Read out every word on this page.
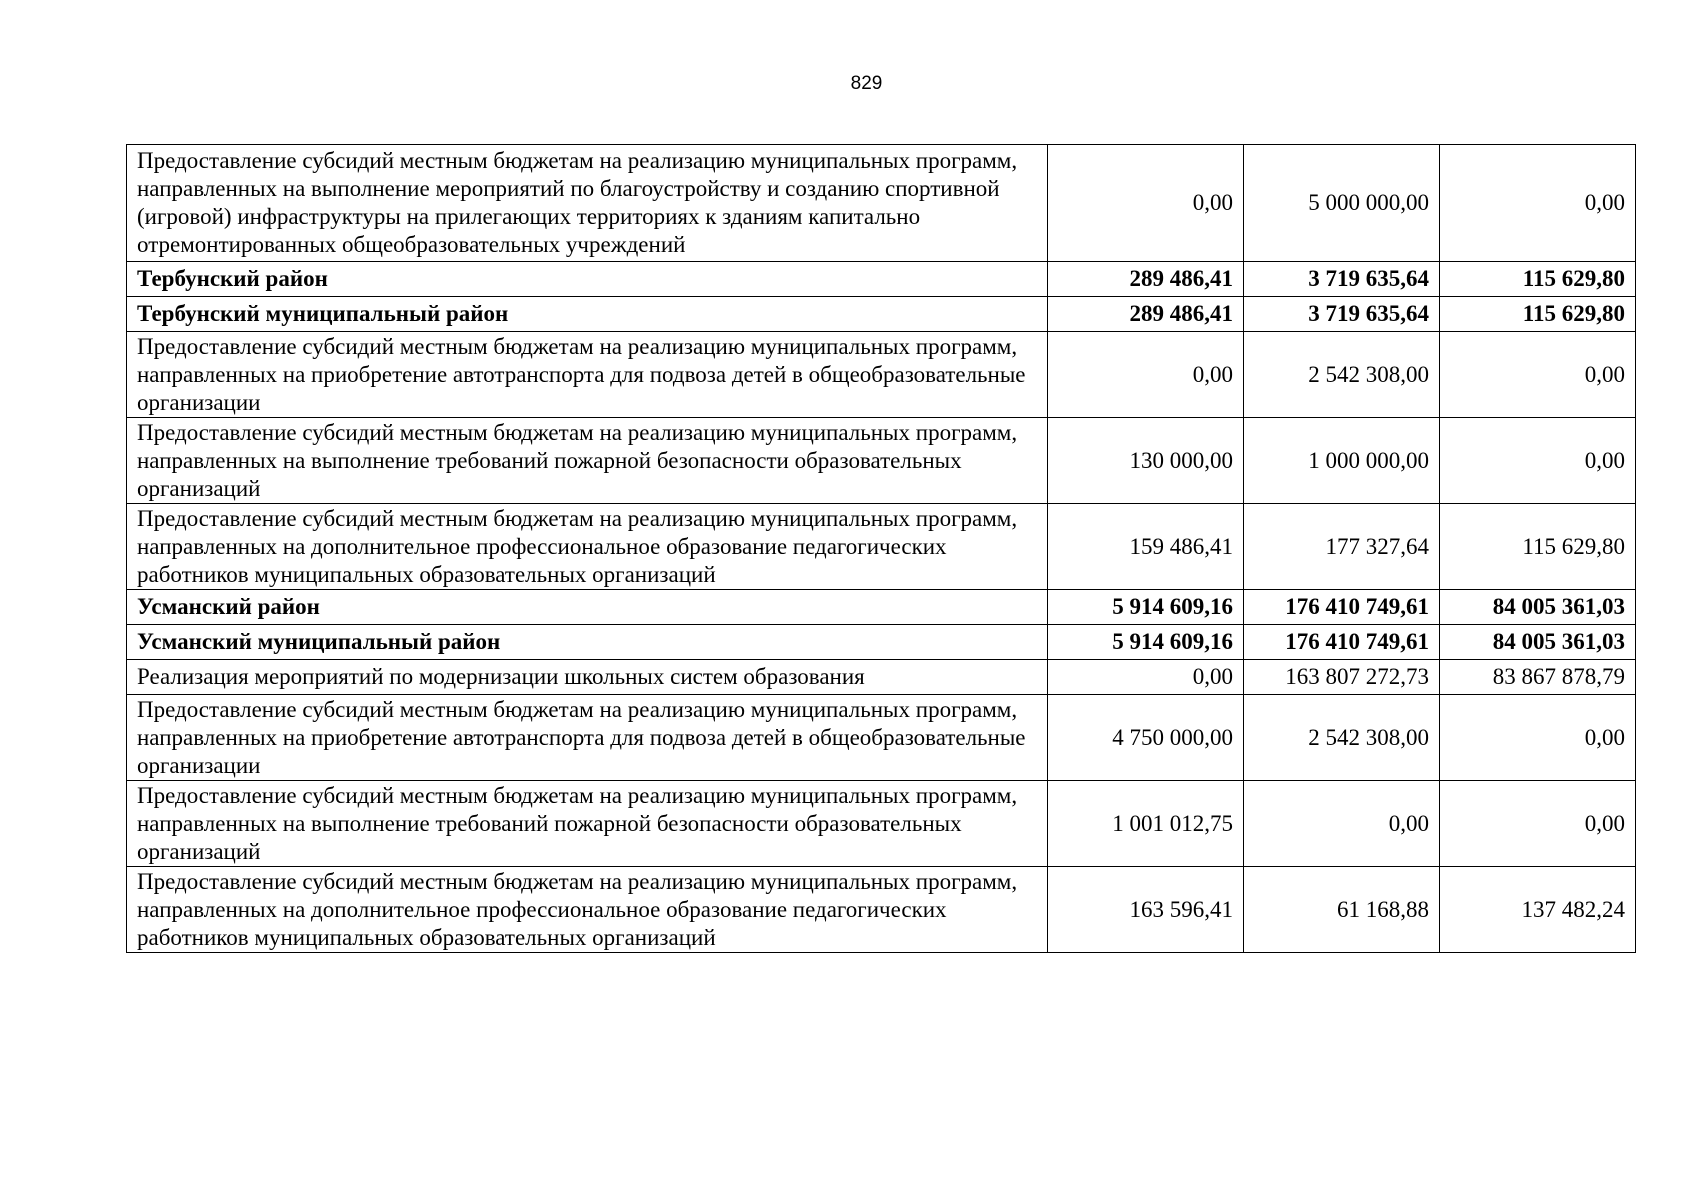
829
Предоставление субсидий местным бюджетам на реализацию муниципальных программ, направленных на выполнение мероприятий по благоустройству и созданию спортивной (игровой) инфраструктуры на прилегающих территориях к зданиям капитально отремонтированных общеобразовательных учреждений	0,00	5 000 000,00	0,00
Тербунский район	289 486,41	3 719 635,64	115 629,80
Тербунский муниципальный район	289 486,41	3 719 635,64	115 629,80
Предоставление субсидий местным бюджетам на реализацию муниципальных программ, направленных на приобретение автотранспорта для подвоза детей в общеобразовательные организации	0,00	2 542 308,00	0,00
Предоставление субсидий местным бюджетам на реализацию муниципальных программ, направленных на выполнение требований пожарной безопасности образовательных организаций	130 000,00	1 000 000,00	0,00
Предоставление субсидий местным бюджетам на реализацию муниципальных программ, направленных на дополнительное профессиональное образование педагогических работников муниципальных образовательных организаций	159 486,41	177 327,64	115 629,80
Усманский район	5 914 609,16	176 410 749,61	84 005 361,03
Усманский муниципальный район	5 914 609,16	176 410 749,61	84 005 361,03
Реализация мероприятий по модернизации школьных систем образования	0,00	163 807 272,73	83 867 878,79
Предоставление субсидий местным бюджетам на реализацию муниципальных программ, направленных на приобретение автотранспорта для подвоза детей в общеобразовательные организации	4 750 000,00	2 542 308,00	0,00
Предоставление субсидий местным бюджетам на реализацию муниципальных программ, направленных на выполнение требований пожарной безопасности образовательных организаций	1 001 012,75	0,00	0,00
Предоставление субсидий местным бюджетам на реализацию муниципальных программ, направленных на дополнительное профессиональное образование педагогических работников муниципальных образовательных организаций	163 596,41	61 168,88	137 482,24
